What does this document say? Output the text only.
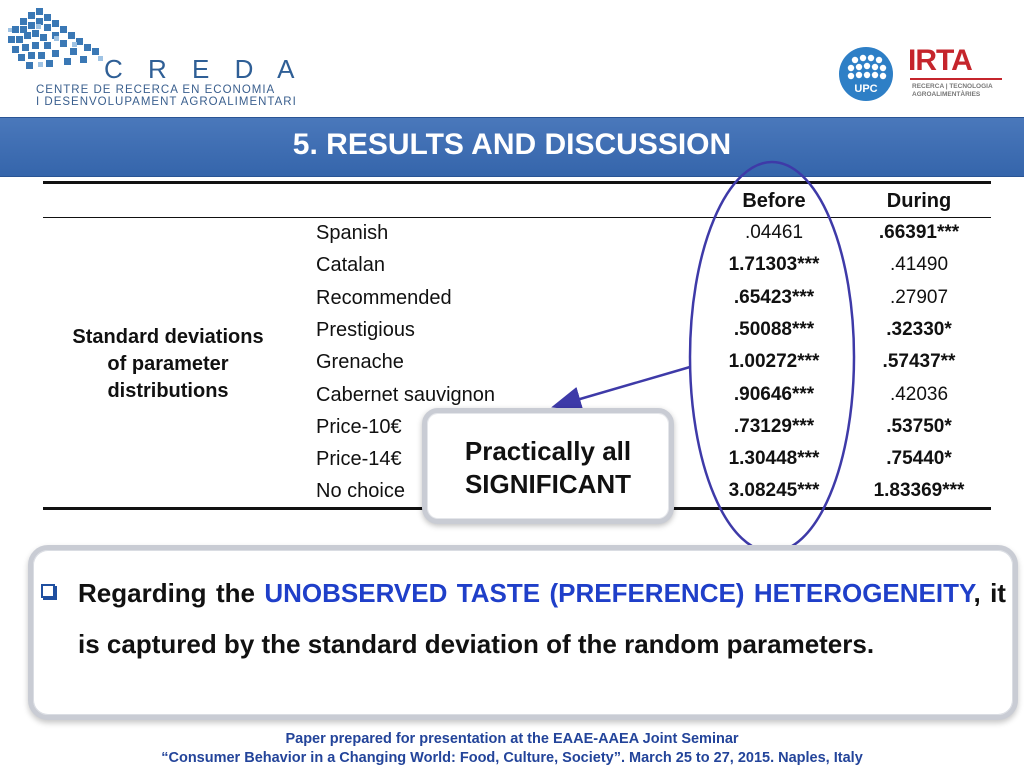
C R E D A
CENTRE DE RECERCA EN ECONOMIA
I DESENVOLUPAMENT AGROALIMENTARI
UPC
IRTA
RECERCA | TECNOLOGIA
AGROALIMENTÀRIES
5. RESULTS AND DISCUSSION
Before	During
Standard deviations
of parameter
distributions
Spanish	.04461	.66391***
Catalan	1.71303***	.41490
Recommended	.65423***	.27907
Prestigious	.50088***	.32330*
Grenache	1.00272***	.57437**
Cabernet sauvignon	.90646***	.42036
Price-10€	.73129***	.53750*
Price-14€	1.30448***	.75440*
No choice	3.08245***	1.83369***
Practically all
SIGNIFICANT
Regarding the UNOBSERVED TASTE (PREFERENCE) HETEROGENEITY, it is captured by the standard deviation of the random parameters.
Paper prepared for presentation at the EAAE-AAEA Joint Seminar
“Consumer Behavior in a Changing World: Food, Culture, Society”. March 25 to 27, 2015. Naples, Italy
